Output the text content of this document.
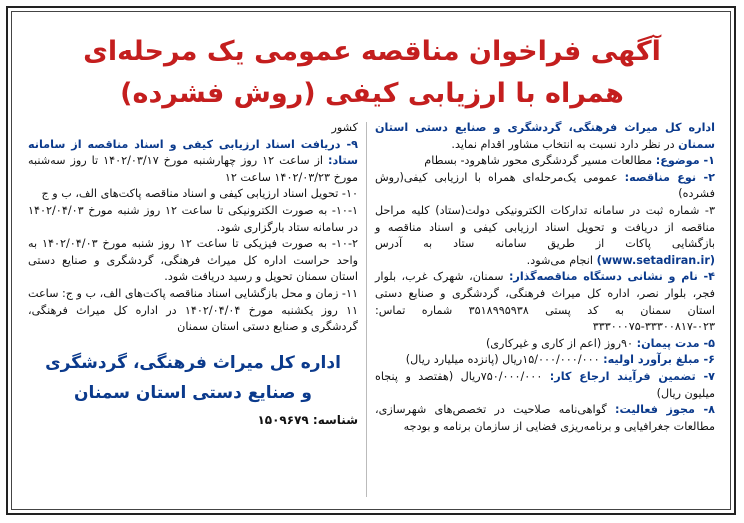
آگهی فراخوان مناقصه عمومی یک مرحله‌ای
همراه با ارزیابی کیفی (روش فشرده)

اداره کل میراث فرهنگی، گردشگری و صنایع دستی استان سمنان در نظر دارد نسبت به انتخاب مشاور اقدام نماید.

۱- موضوع: مطالعات مسیر گردشگری محور شاهرود- بسطام

۲- نوع مناقصه: عمومی یک‌مرحله‌ای همراه با ارزیابی کیفی(روش فشرده)

۳- شماره ثبت در سامانه تدارکات الکترونیکی دولت(ستاد) کلیه مراحل مناقصه از دریافت و تحویل اسناد ارزیابی کیفی و اسناد مناقصه و بازگشایی پاکات از طریق سامانه ستاد به آدرس (www.setadiran.ir) انجام می‌شود.

۴- نام و نشانی دستگاه مناقصه‌گذار: سمنان، شهرک غرب، بلوار فجر، بلوار نصر، اداره کل میراث فرهنگی، گردشگری و صنایع دستی استان سمنان به کد پستی ۳۵۱۸۹۹۵۹۳۸ شماره تماس: ۰۲۳-۳۳۳۰۰۸۱۷-۳۳۳۰۰۰۷۵

۵- مدت پیمان: ۹۰روز (اعم از کاری و غیرکاری)

۶- مبلغ برآورد اولیه: ۱۵/۰۰۰/۰۰۰/۰۰۰ریال (پانزده میلیارد ریال)

۷- تضمین فرآیند ارجاع کار: ۷۵۰/۰۰۰/۰۰۰ریال (هفتصد و پنجاه میلیون ریال)

۸- مجوز فعالیت: گواهی‌نامه صلاحیت در تخصص‌های شهرسازی، مطالعات جغرافیایی و برنامه‌ریزی فضایی از سازمان برنامه و بودجه

کشور

۹- دریافت اسناد ارزیابی کیفی و اسناد مناقصه از سامانه ستاد: از ساعت ۱۲ روز چهارشنبه مورخ ۱۴۰۲/۰۳/۱۷ تا روز سه‌شنبه مورخ ۱۴۰۲/۰۳/۲۳ ساعت ۱۲

۱۰- تحویل اسناد ارزیابی کیفی و اسناد مناقصه پاکت‌های الف، ب و ج

۱۰-۱- به صورت الکترونیکی تا ساعت ۱۲ روز شنبه مورخ ۱۴۰۲/۰۴/۰۳ در سامانه ستاد بارگزاری شود.

۱۰-۲- به صورت فیزیکی تا ساعت ۱۲ روز شنبه مورخ ۱۴۰۲/۰۴/۰۳ به واحد حراست اداره کل میراث فرهنگی، گردشگری و صنایع دستی استان سمنان تحویل و رسید دریافت شود.

۱۱- زمان و محل بازگشایی اسناد مناقصه پاکت‌های الف، ب و ج: ساعت ۱۱ روز یکشنبه مورخ ۱۴۰۲/۰۴/۰۴ در اداره کل میراث فرهنگی، گردشگری و صنایع دستی استان سمنان

اداره کل میراث فرهنگی، گردشگری
و صنایع دستی استان سمنان
شناسه: ۱۵۰۹۶۷۹
